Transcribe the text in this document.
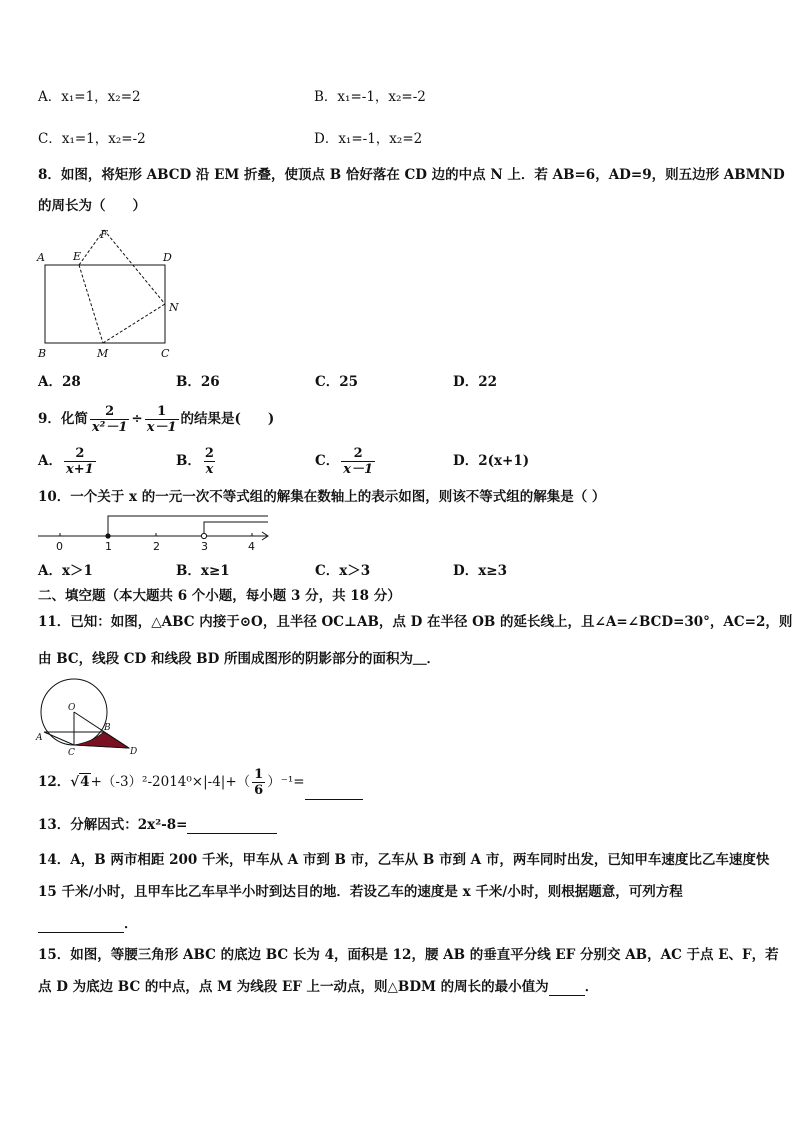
A．x₁=1，x₂=2	B．x₁=-1，x₂=-2
C．x₁=1，x₂=-2	D．x₁=-1，x₂=2
8．如图，将矩形 ABCD 沿 EM 折叠，使顶点 B 恰好落在 CD 边的中点 N 上．若 AB=6，AD=9，则五边形 ABMND
的周长为（　　）
A	E
F
D
N
B	M	C
A．28	B．26	C．25	D．22
9．化简 $\frac{2}{\text{x²－1}} \div \frac{1}{x-1}$ 的结果是(　　)
A． $\frac{2}{x+1}$	B． $\frac{2}{x}$	C． $\frac{2}{x-1}$	D．2(x+1)
10．一个关于 x 的一元一次不等式组的解集在数轴上的表示如图，则该不等式组的解集是（ ）
0	1	2	3	4
A．x＞1	B．x≥1	C．x＞3	D．x≥3
二、填空题（本大题共 6 个小题，每小题 3 分，共 18 分）
11．已知：如图，△ABC 内接于⊙O，且半径 OC⊥AB，点 D 在半径 OB 的延长线上，且∠A=∠BCD=30°，AC=2，则
由 BC，线段 CD 和线段 BD 所围成图形的阴影部分的面积为＿．
O
A
B
C	D
12．$√4+(-3)^2-2014^0\times|-4|+( \frac{1}{6} )^{-1}=$
13．分解因式：2x²-8=
14．A，B 两市相距 200 千米，甲车从 A 市到 B 市，乙车从 B 市到 A 市，两车同时出发，已知甲车速度比乙车速度快
15 千米/小时，且甲车比乙车早半小时到达目的地．若设乙车的速度是 x 千米/小时，则根据题意，可列方程
．
15．如图，等腰三角形 ABC 的底边 BC 长为 4，面积是 12，腰 AB 的垂直平分线 EF 分别交 AB，AC 于点 E、F，若
点 D 为底边 BC 的中点，点 M 为线段 EF 上一动点，则△BDM 的周长的最小值为	．
